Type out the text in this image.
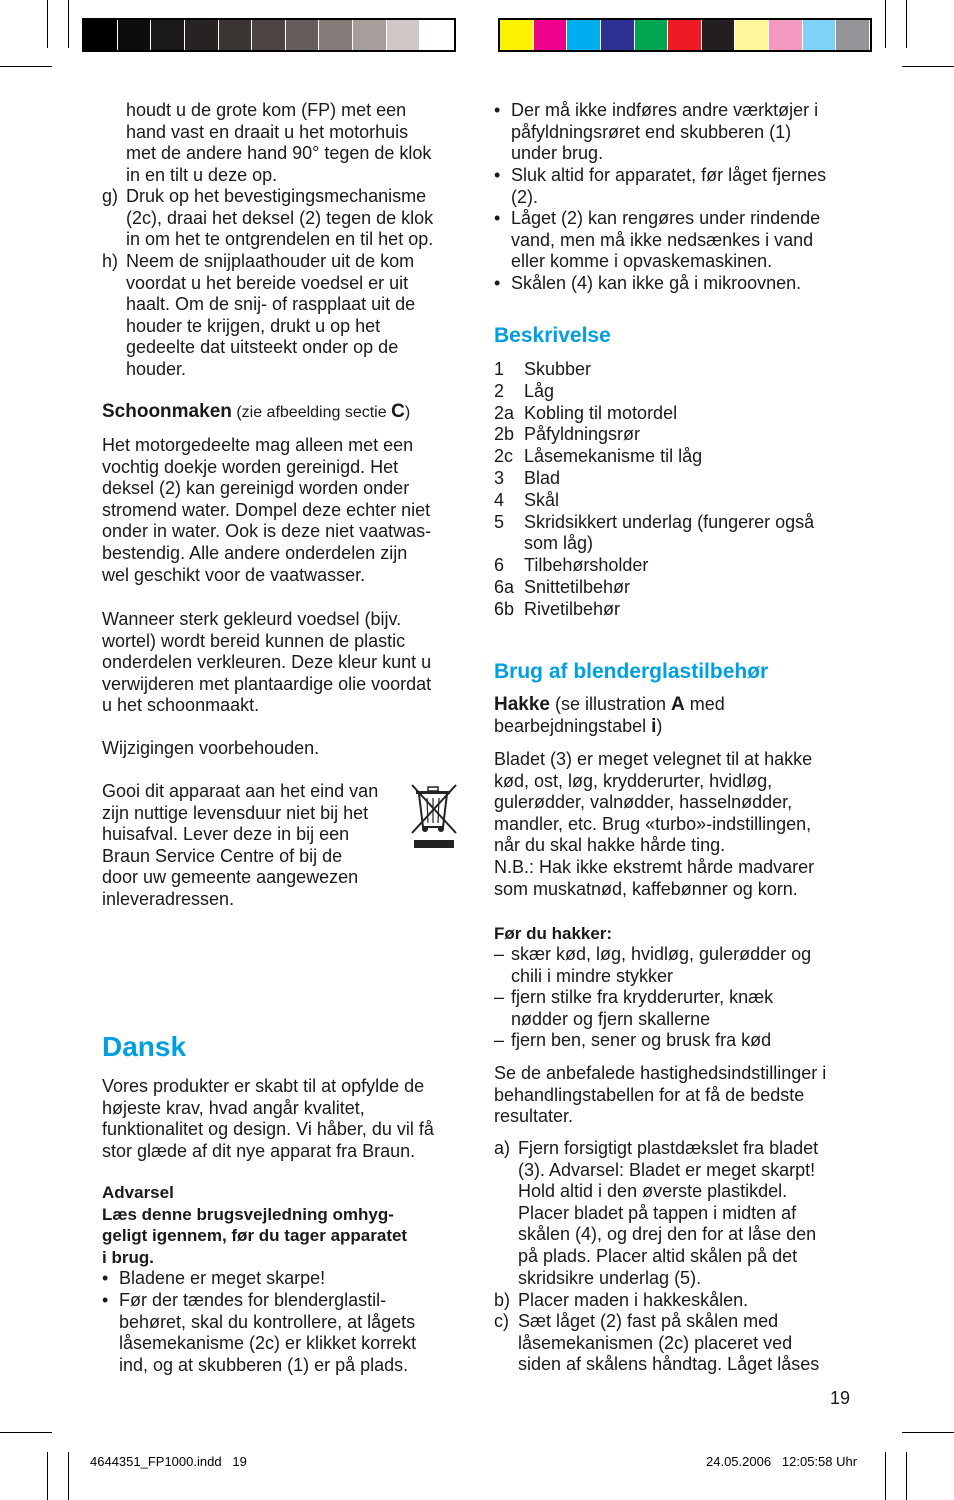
houdt u de grote kom (FP) met een
hand vast en draait u het motorhuis
met de andere hand 90° tegen de klok
in en tilt u deze op.
g) Druk op het bevestigingsmechanisme
(2c), draai het deksel (2) tegen de klok
in om het te ontgrendelen en til het op.
h) Neem de snijplaathouder uit de kom
voordat u het bereide voedsel er uit
haalt. Om de snij- of raspplaat uit de
houder te krijgen, drukt u op het
gedeelte dat uitsteekt onder op de
houder.
Schoonmaken (zie afbeelding sectie C)
Het motorgedeelte mag alleen met een
vochtig doekje worden gereinigd. Het
deksel (2) kan gereinigd worden onder
stromend water. Dompel deze echter niet
onder in water. Ook is deze niet vaatwas-
bestendig. Alle andere onderdelen zijn
wel geschikt voor de vaatwasser.
Wanneer sterk gekleurd voedsel (bijv.
wortel) wordt bereid kunnen de plastic
onderdelen verkleuren. Deze kleur kunt u
verwijderen met plantaardige olie voordat
u het schoonmaakt.
Wijzigingen voorbehouden.
Gooi dit apparaat aan het eind van
zijn nuttige levensduur niet bij het
huisafval. Lever deze in bij een
Braun Service Centre of bij de
door uw gemeente aangewezen
inleveradressen.
Dansk
Vores produkter er skabt til at opfylde de
højeste krav, hvad angår kvalitet,
funktionalitet og design. Vi håber, du vil få
stor glæde af dit nye apparat fra Braun.
Advarsel
Læs denne brugsvejledning omhyg-
geligt igennem, før du tager apparatet
i brug.
• Bladene er meget skarpe!
• Før der tændes for blenderglastil-
behøret, skal du kontrollere, at lågets
låsemekanisme (2c) er klikket korrekt
ind, og at skubberen (1) er på plads.
• Der må ikke indføres andre værktøjer i
påfyldningsrøret end skubberen (1)
under brug.
• Sluk altid for apparatet, før låget fjernes
(2).
• Låget (2) kan rengøres under rindende
vand, men må ikke nedsænkes i vand
eller komme i opvaskemaskinen.
• Skålen (4) kan ikke gå i mikroovnen.
Beskrivelse
1 Skubber
2 Låg
2a Kobling til motordel
2b Påfyldningsrør
2c Låsemekanisme til låg
3 Blad
4 Skål
5 Skridsikkert underlag (fungerer også
som låg)
6 Tilbehørsholder
6a Snittetilbehør
6b Rivetilbehør
Brug af blenderglastilbehør
Hakke (se illustration A med
bearbejdningstabel i)
Bladet (3) er meget velegnet til at hakke
kød, ost, løg, krydderurter, hvidløg,
gulerødder, valnødder, hasselnødder,
mandler, etc. Brug «turbo»-indstillingen,
når du skal hakke hårde ting.
N.B.: Hak ikke ekstremt hårde madvarer
som muskatnød, kaffebønner og korn.
Før du hakker:
– skær kød, løg, hvidløg, gulerødder og
chili i mindre stykker
– fjern stilke fra krydderurter, knæk
nødder og fjern skallerne
– fjern ben, sener og brusk fra kød
Se de anbefalede hastighedsindstillinger i
behandlingstabellen for at få de bedste
resultater.
a) Fjern forsigtigt plastdækslet fra bladet
(3). Advarsel: Bladet er meget skarpt!
Hold altid i den øverste plastikdel.
Placer bladet på tappen i midten af
skålen (4), og drej den for at låse den
på plads. Placer altid skålen på det
skridsikre underlag (5).
b) Placer maden i hakkeskålen.
c) Sæt låget (2) fast på skålen med
låsemekanismen (2c) placeret ved
siden af skålens håndtag. Låget låses
19
4644351_FP1000.indd   19	24.05.2006   12:05:58 Uhr
